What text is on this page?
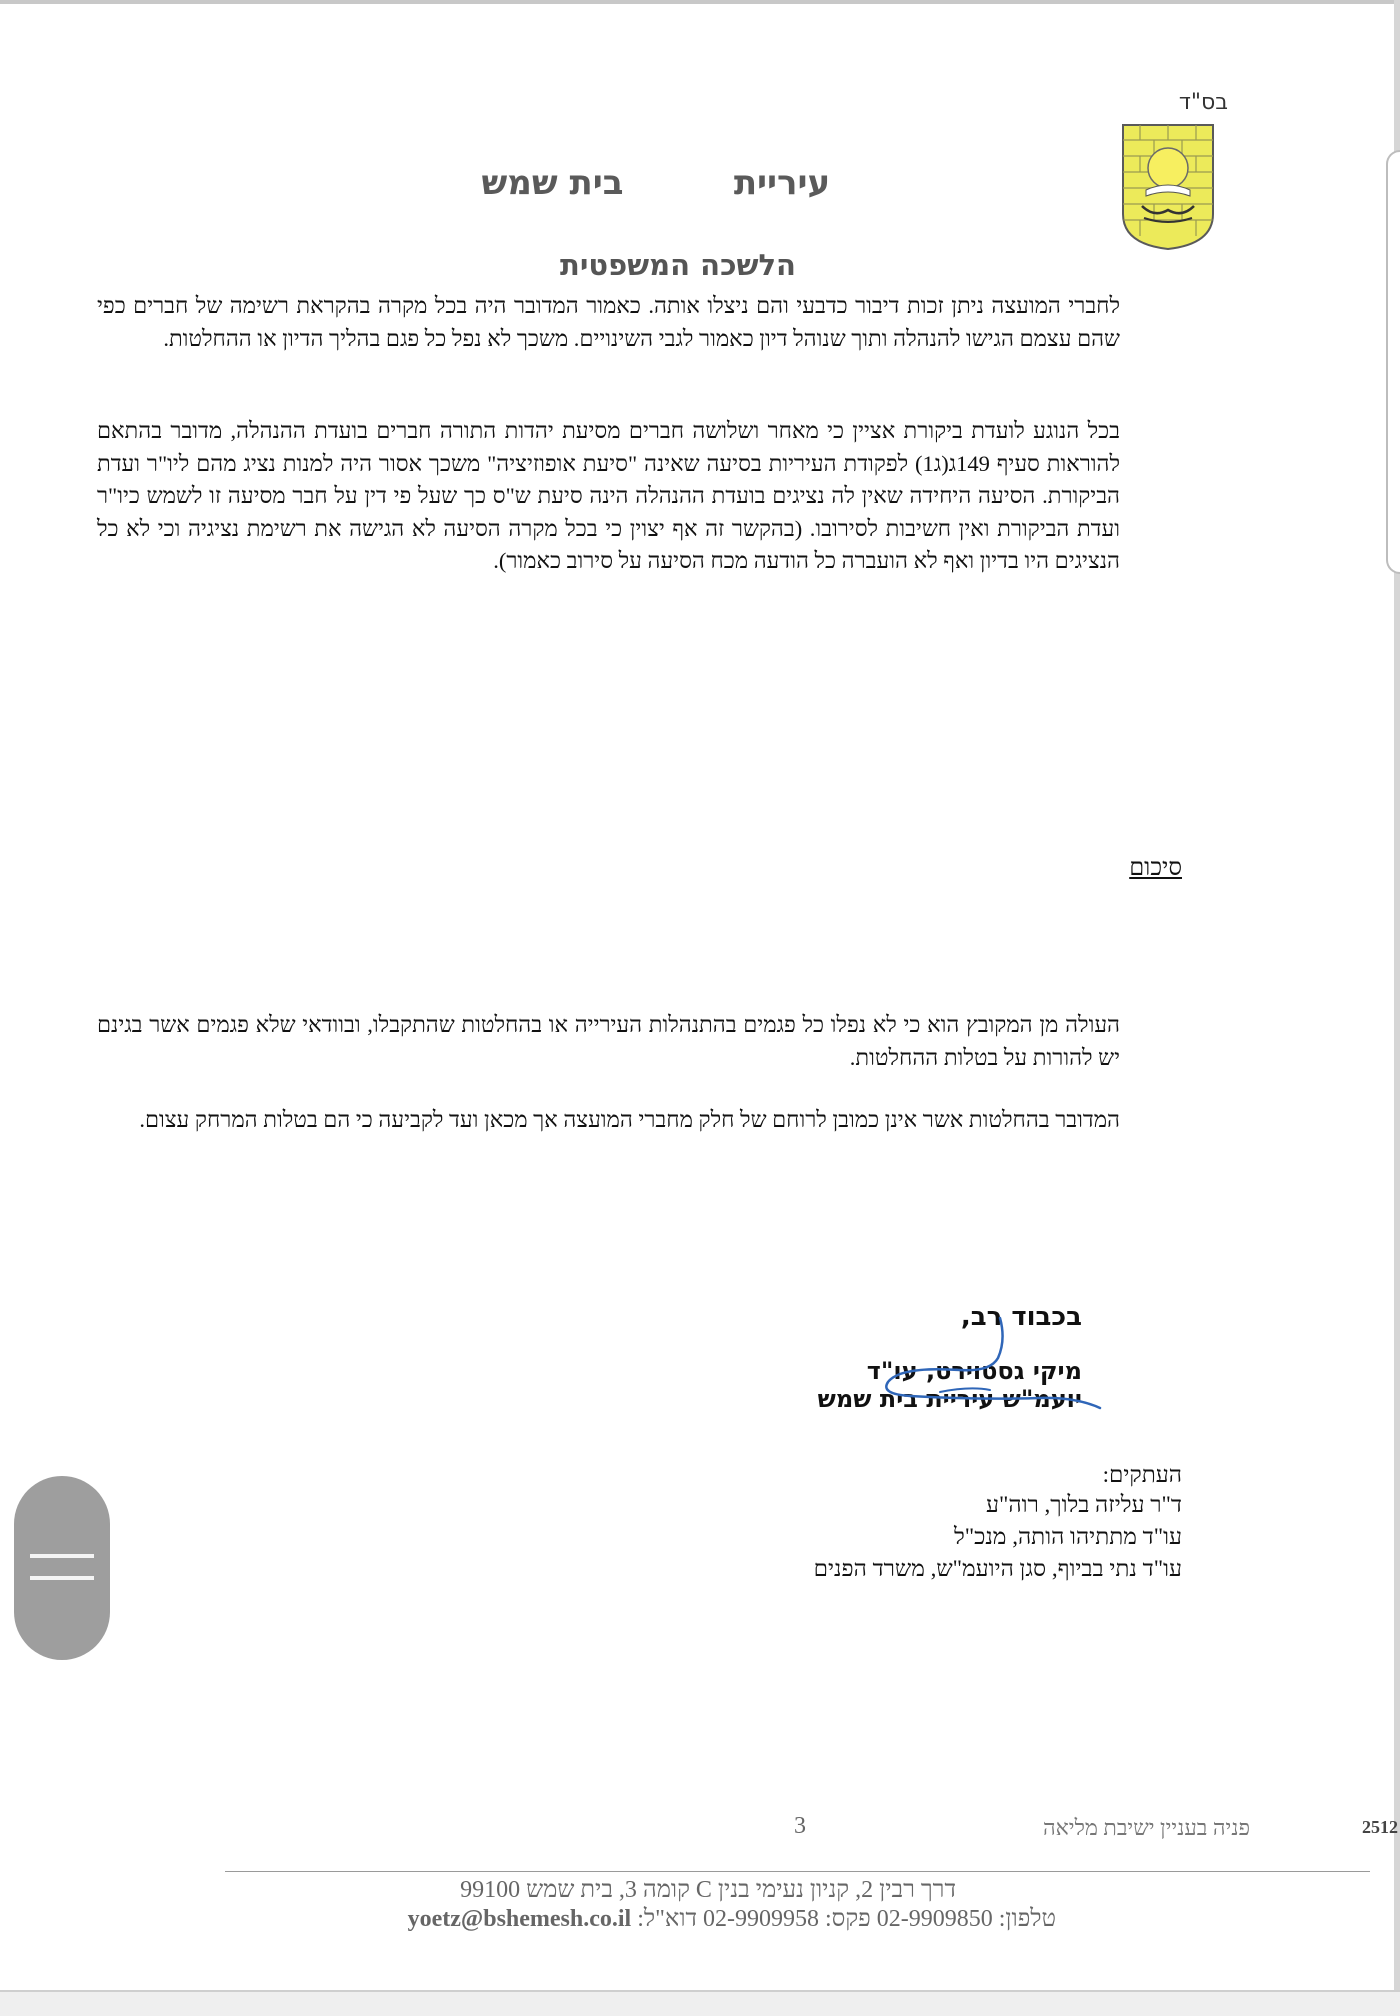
בס"ד
בית שמש	עיריית
הלשכה המשפטית
לחברי המועצה ניתן זכות דיבור כדבעי והם ניצלו אותה. כאמור המדובר היה בכל מקרה בהקראת רשימה של חברים כפי שהם עצמם הגישו להנהלה ותוך שנוהל דיון כאמור לגבי השינויים. משכך לא נפל כל פגם בהליך הדיון או ההחלטות.
בכל הנוגע לועדת ביקורת אציין כי מאחר ושלושה חברים מסיעת יהדות התורה חברים בועדת ההנהלה, מדובר בהתאם להוראות סעיף 149ג(ג1) לפקודת העיריות בסיעה שאינה "סיעת אופוזיציה" משכך אסור היה למנות נציג מהם ליו"ר ועדת הביקורת. הסיעה היחידה שאין לה נציגים בועדת ההנהלה הינה סיעת ש"ס כך שעל פי דין על חבר מסיעה זו לשמש כיו"ר ועדת הביקורת ואין חשיבות לסירובו. (בהקשר זה אף יצוין כי בכל מקרה הסיעה לא הגישה את רשימת נציגיה וכי לא כל הנציגים היו בדיון ואף לא הועברה כל הודעה מכח הסיעה על סירוב כאמור).
סיכום
העולה מן המקובץ הוא כי לא נפלו כל פגמים בהתנהלות העירייה או בהחלטות שהתקבלו, ובוודאי שלא פגמים אשר בגינם יש להורות על בטלות ההחלטות.
המדובר בהחלטות אשר אינן כמובן לרוחם של חלק מחברי המועצה אך מכאן ועד לקביעה כי הם בטלות המרחק עצום.
בכבוד רב,
מיקי גסטוירט, עו"ד
יועמ"ש עיריית בית שמש
העתקים:
ד"ר עליזה בלוך, רוה"ע
עו"ד מתתיהו הותה, מנכ"ל
עו"ד נתי בביוף, סגן היועמ"ש, משרד הפנים
3	פניה בעניין ישיבת מליאה	2512
דרך רבין 2, קניון נעימי בנין C קומה 3, בית שמש 99100
טלפון: 02-9909850 פקס: 02-9909958 דוא"ל: yoetz@bshemesh.co.il
